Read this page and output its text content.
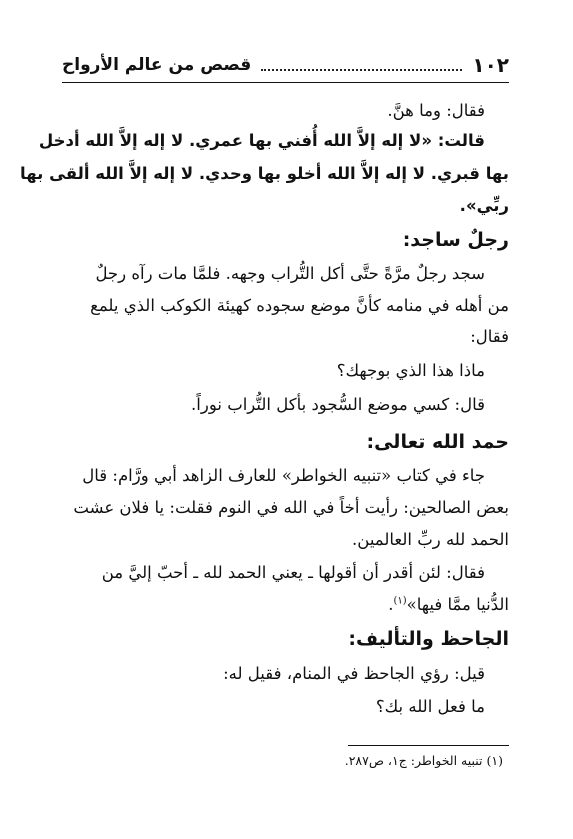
١٠٢
قصص من عالم الأرواح
فقال: وما هنَّ.
قالت: «لا إله إلاَّ الله أُفني بها عمري. لا إله إلاَّ الله أدخل
بها قبري. لا إله إلاَّ الله أخلو بها وحدي. لا إله إلاَّ الله ألقى بها
ربِّي».
رجلٌ ساجد:
سجد رجلٌ مرَّةً حتَّى أكل التُّراب وجهه. فلمَّا مات رآه رجلٌ
من أهله في منامه كأنَّ موضع سجوده كهيئة الكوكب الذي يلمع
فقال:
ماذا هذا الذي بوجهك؟
قال: كسي موضع السُّجود بأكل التُّراب نوراً.
حمد الله تعالى:
جاء في كتاب «تنبيه الخواطر» للعارف الزاهد أبي ورَّام: قال
بعض الصالحين: رأيت أخاً في الله في النوم فقلت: يا فلان عشت
الحمد لله ربِّ العالمين.
فقال: لئن أقدر أن أقولها ـ يعني الحمد لله ـ أحبّ إليَّ من
الدُّنيا ممَّا فيها»$^{(١)}$.
الجاحظ والتأليف:
قيل: رؤي الجاحظ في المنام، فقيل له:
ما فعل الله بك؟
(١) تنبيه الخواطر: ج١، ص٢٨٧.
